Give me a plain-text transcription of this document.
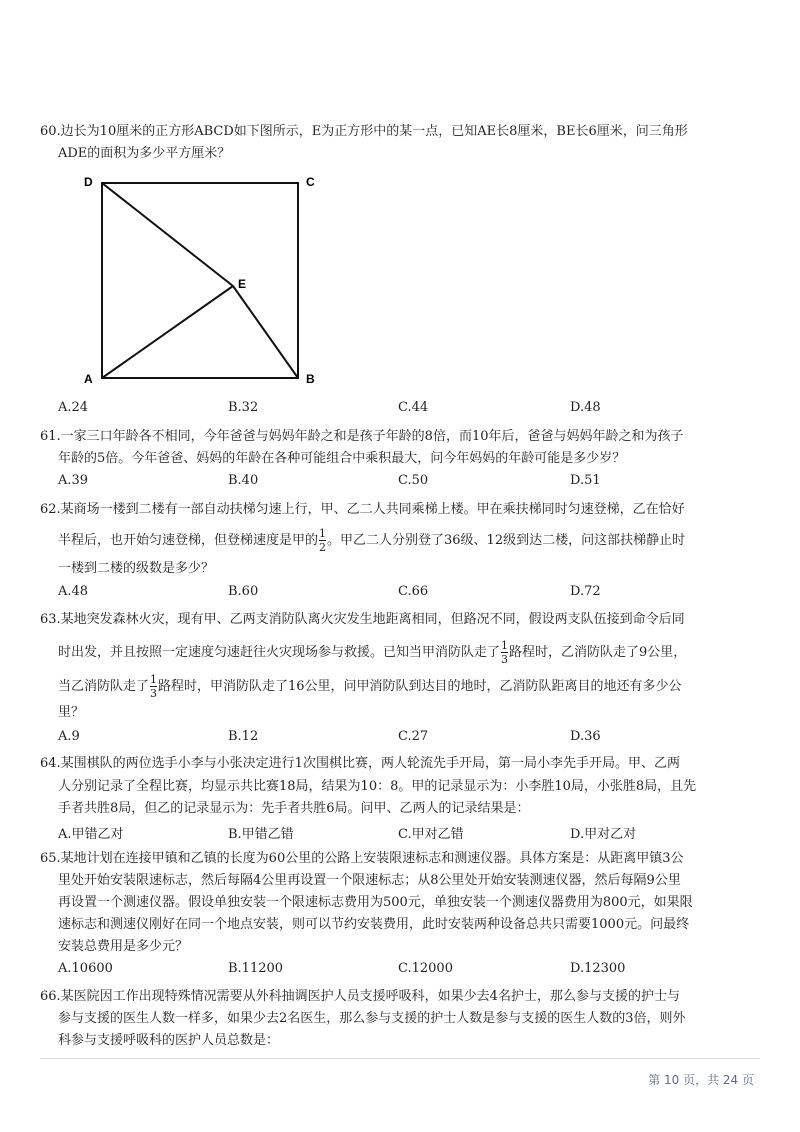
60.边长为10厘米的正方形ABCD如下图所示，E为正方形中的某一点，已知AE长8厘米，BE长6厘米，问三角形
ADE的面积为多少平方厘米？
D	C
E
A	B
A.24	B.32	C.44	D.48
61.一家三口年龄各不相同，今年爸爸与妈妈年龄之和是孩子年龄的8倍，而10年后，爸爸与妈妈年龄之和为孩子
年龄的5倍。今年爸爸、妈妈的年龄在各种可能组合中乘积最大，问今年妈妈的年龄可能是多少岁？
A.39	B.40	C.50	D.51
62.某商场一楼到二楼有一部自动扶梯匀速上行，甲、乙二人共同乘梯上楼。甲在乘扶梯同时匀速登梯，乙在恰好
半程后，也开始匀速登梯，但登梯速度是甲的 $\frac{1}{2}$ 。甲乙二人分别登了36级、12级到达二楼，问这部扶梯静止时
一楼到二楼的级数是多少？
A.48	B.60	C.66	D.72
63.某地突发森林火灾，现有甲、乙两支消防队离火灾发生地距离相同，但路况不同，假设两支队伍接到命令后同
时出发，并且按照一定速度匀速赶往火灾现场参与救援。已知当甲消防队走了 $\frac{1}{3}$ 路程时，乙消防队走了9公里，
当乙消防队走了 $\frac{1}{3}$ 路程时，甲消防队走了16公里，问甲消防队到达目的地时，乙消防队距离目的地还有多少公
里？
A.9	B.12	C.27	D.36
64.某围棋队的两位选手小李与小张决定进行1次围棋比赛，两人轮流先手开局，第一局小李先手开局。甲、乙两
人分别记录了全程比赛，均显示共比赛18局，结果为10：8。甲的记录显示为：小李胜10局，小张胜8局，且先
手者共胜8局，但乙的记录显示为：先手者共胜6局。问甲、乙两人的记录结果是：
A.甲错乙对	B.甲错乙错	C.甲对乙错	D.甲对乙对
65.某地计划在连接甲镇和乙镇的长度为60公里的公路上安装限速标志和测速仪器。具体方案是：从距离甲镇3公
里处开始安装限速标志，然后每隔4公里再设置一个限速标志；从8公里处开始安装测速仪器，然后每隔9公里
再设置一个测速仪器。假设单独安装一个限速标志费用为500元，单独安装一个测速仪器费用为800元，如果限
速标志和测速仪刚好在同一个地点安装，则可以节约安装费用，此时安装两种设备总共只需要1000元。问最终
安装总费用是多少元？
A.10600	B.11200	C.12000	D.12300
66.某医院因工作出现特殊情况需要从外科抽调医护人员支援呼吸科，如果少去4名护士，那么参与支援的护士与
参与支援的医生人数一样多，如果少去2名医生，那么参与支援的护士人数是参与支援的医生人数的3倍，则外
科参与支援呼吸科的医护人员总数是：
第 10 页，共 24 页
